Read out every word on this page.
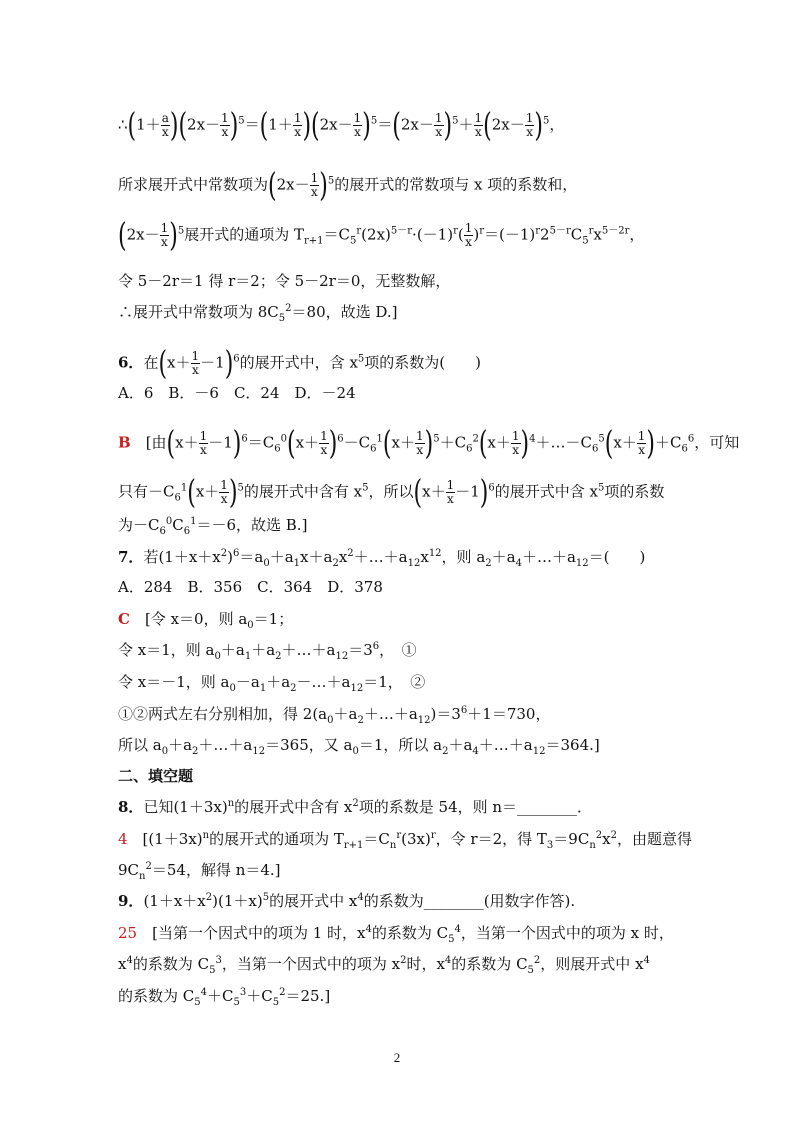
∴(1＋ $\frac{a}{x} )(2x- \frac{1}{x} )^5=(1+ \frac{1}{x} )(2x- \frac{1}{x} )^5=(2x- \frac{1}{x} )^5+ \frac{1}{x} (2x- \frac{1}{x} )^5$，
所求展开式中常数项为$(2x- \frac{1}{x} )^5$的展开式的常数项与 x 项的系数和，
$(2x- \frac{1}{x} )^5$展开式的通项为 $T_{r+1}=C_5^r(2x)^{5-r}\cdot(-1)^r( \frac{1}{x} )^r=(-1)^r2^{5-r}C_5^rx^{5-2r}$，
令 5－2r＝1 得 r＝2；令 5－2r＝0，无整数解，
∴展开式中常数项为 $8C_5^2=80$，故选 D.]
6．在$(x+ \frac{1}{x} -1)^6$的展开式中，含 $x^5$项的系数为(　　)
A．6　B．－6　C．24　D．－24
B　[由$(x+ \frac{1}{x} -1)^6=C_6^0(x+ \frac{1}{x} )^6-C_6^1(x+ \frac{1}{x} )^5+C_6^2(x+ \frac{1}{x}$ )$^4+\dots-C_6^5(x+ \frac{1}{x} )+C_6^6$，可知
只有$-C_6^1(x+ \frac{1}{x} )^5$的展开式中含有 $x^5$，所以$(x+ \frac{1}{x} -1)^6$的展开式中含 $x^5$项的系数
为$-C_6^0C_6^1=-6$，故选 B.]
7．若$(1+x+x^2)^6=a_0+a_1x+a_2x^2+\dots+a_{12}x^{12}$，则 $a_2+a_4+\dots+a_{12}=$(　　)
A．284　B．356　C．364　D．378
C　[令 x＝0，则 $a_0=1$；
令 x＝1，则 $a_0+a_1+a_2+\dots+a_{12}=3^6$，　①
令 x＝－1，则 $a_0-a_1+a_2-\dots+a_{12}=1$，　②
①②两式左右分别相加，得 $2(a_0+a_2+\dots+a_{12})=3^6+1=730$，
所以 $a_0+a_2+\dots+a_{12}=365$，又 $a_0=1$，所以 $a_2+a_4+\dots+a_{12}=364$.]
二、填空题
8．已知$(1+3x)^n$的展开式中含有 $x^2$项的系数是 54，则 n＝________．
4　[$(1+3x)^n$的展开式的通项为 $T_{r+1}=C_n^r(3x)^r$，令 r＝2，得 $T_3=9C_n^2x^2$，由题意得
$9C_n^2=54$，解得 n＝4.]
9．$(1+x+x^2)(1+x)^5$的展开式中 $x^4$的系数为________(用数字作答).
25　[当第一个因式中的项为 1 时，$x^4$的系数为 $C_5^4$，当第一个因式中的项为 x 时，
$x^4$的系数为 $C_5^3$，当第一个因式中的项为 $x^2$时，$x^4$的系数为 $C_5^2$，则展开式中 $x^4$
的系数为 $C_5^4+C_5^3+C_5^2=25$.]
2
